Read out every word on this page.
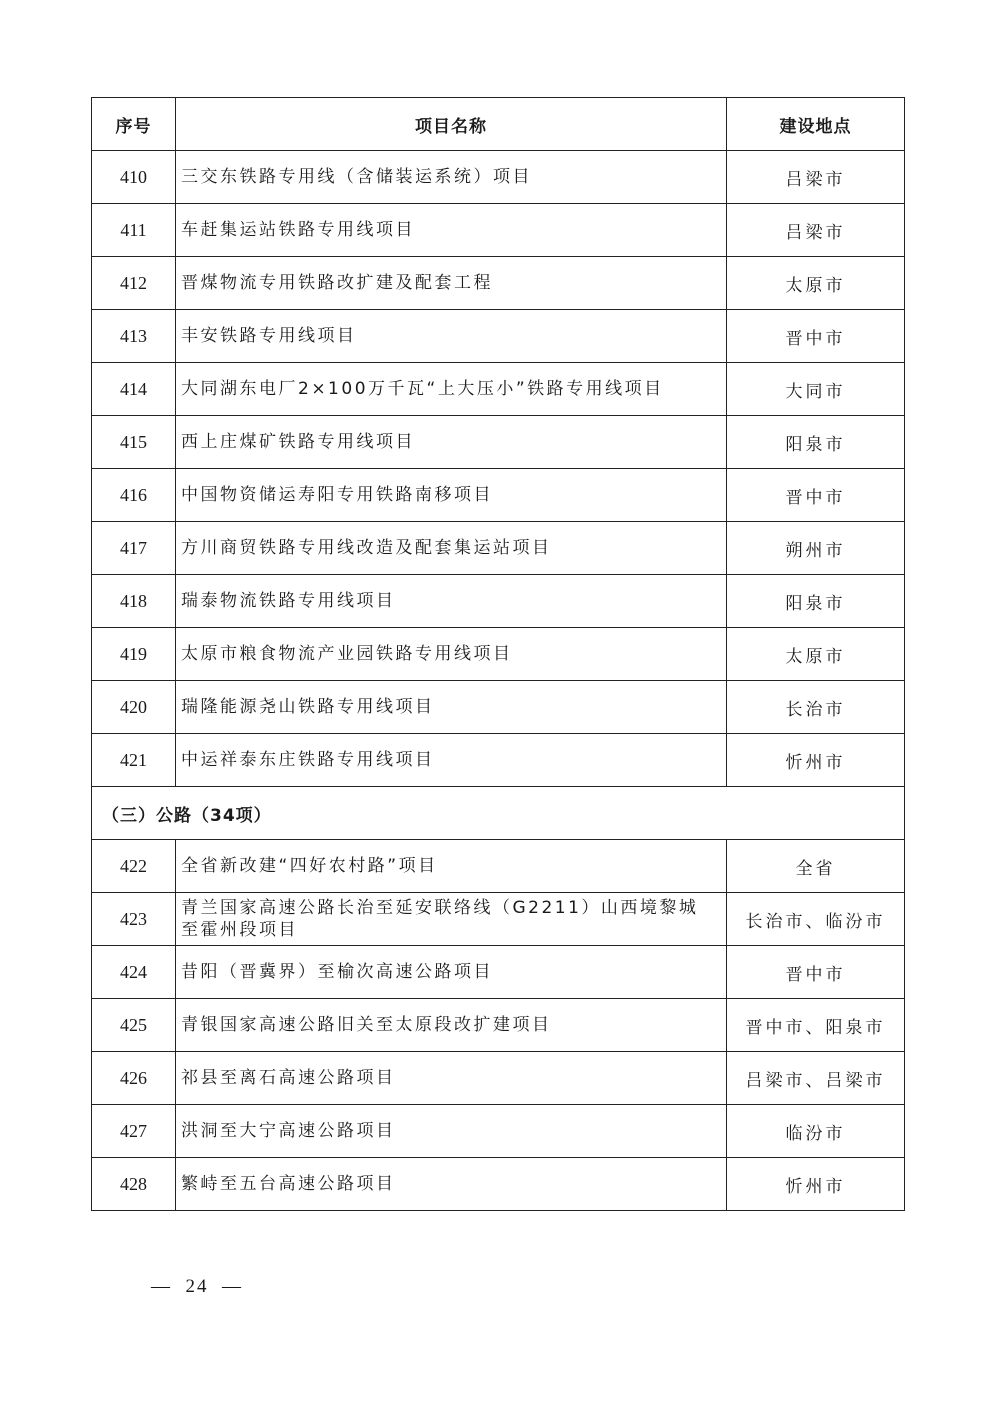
序号	项目名称	建设地点
410	三交东铁路专用线（含储装运系统）项目	吕梁市
411	车赶集运站铁路专用线项目	吕梁市
412	晋煤物流专用铁路改扩建及配套工程	太原市
413	丰安铁路专用线项目	晋中市
414	大同湖东电厂2×100万千瓦“上大压小”铁路专用线项目	大同市
415	西上庄煤矿铁路专用线项目	阳泉市
416	中国物资储运寿阳专用铁路南移项目	晋中市
417	方川商贸铁路专用线改造及配套集运站项目	朔州市
418	瑞泰物流铁路专用线项目	阳泉市
419	太原市粮食物流产业园铁路专用线项目	太原市
420	瑞隆能源尧山铁路专用线项目	长治市
421	中运祥泰东庄铁路专用线项目	忻州市
（三）公路（34项）		
422	全省新改建“四好农村路”项目	全省
423	青兰国家高速公路长治至延安联络线（G2211）山西境黎城至霍州段项目	长治市、临汾市
424	昔阳（晋冀界）至榆次高速公路项目	晋中市
425	青银国家高速公路旧关至太原段改扩建项目	晋中市、阳泉市
426	祁县至离石高速公路项目	吕梁市、吕梁市
427	洪洞至大宁高速公路项目	临汾市
428	繁峙至五台高速公路项目	忻州市
—  24  —
